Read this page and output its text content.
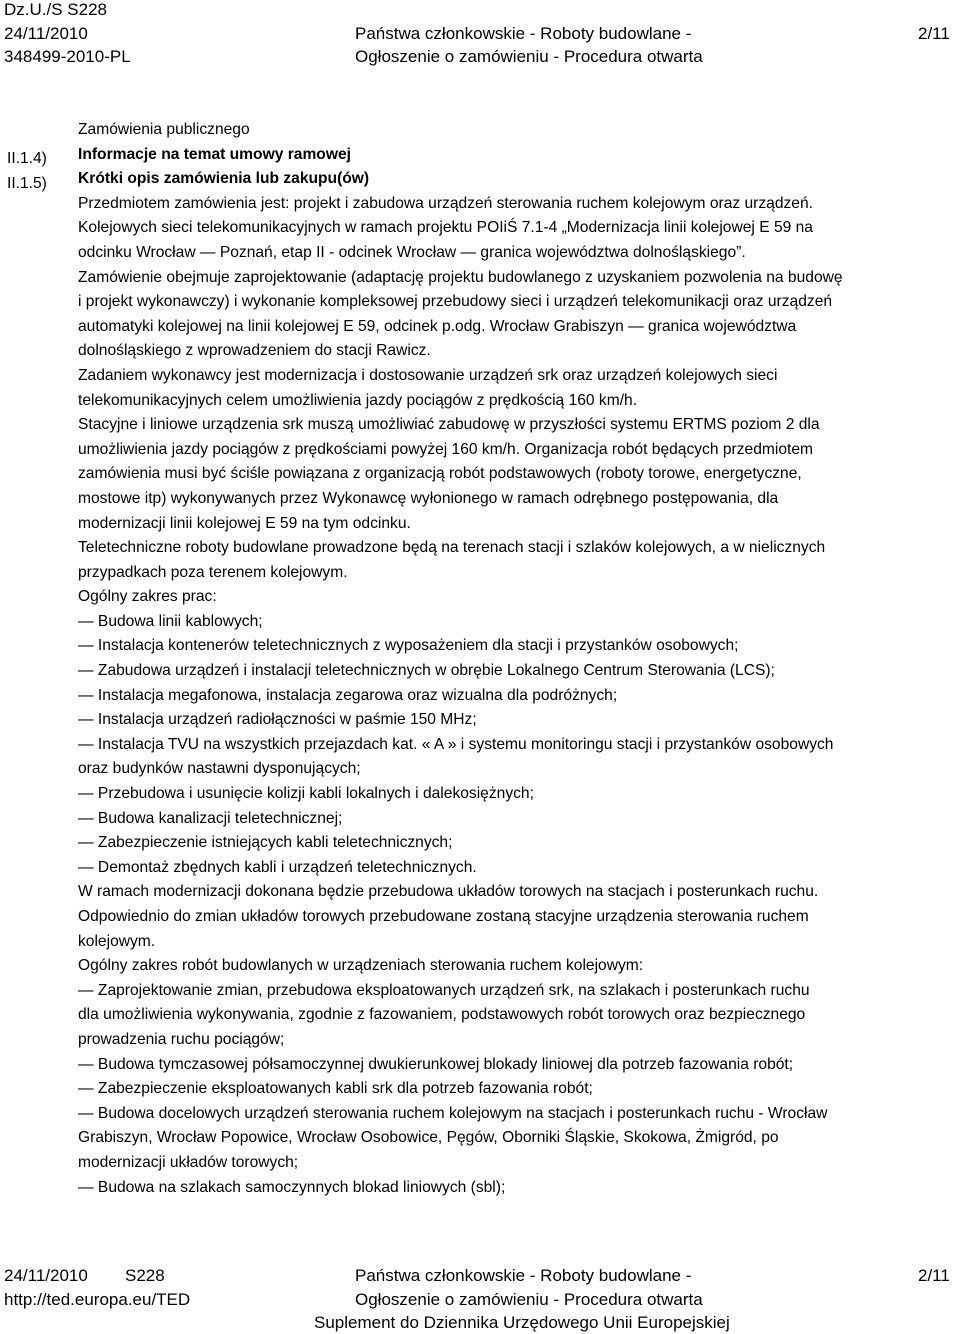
Dz.U./S S228
24/11/2010
348499-2010-PL
Państwa członkowskie - Roboty budowlane -
Ogłoszenie o zamówieniu - Procedura otwarta
2/11
II.1.4)
II.1.5)
Zamówienia publicznego
Informacje na temat umowy ramowej
Krótki opis zamówienia lub zakupu(ów)
Przedmiotem zamówienia jest: projekt i zabudowa urządzeń sterowania ruchem kolejowym oraz urządzeń.
Kolejowych sieci telekomunikacyjnych w ramach projektu POIiŚ 7.1-4 „Modernizacja linii kolejowej E 59 na
odcinku Wrocław — Poznań, etap II - odcinek Wrocław — granica województwa dolnośląskiego”.
Zamówienie obejmuje zaprojektowanie (adaptację projektu budowlanego z uzyskaniem pozwolenia na budowę
i projekt wykonawczy) i wykonanie kompleksowej przebudowy sieci i urządzeń telekomunikacji oraz urządzeń
automatyki kolejowej na linii kolejowej E 59, odcinek p.odg. Wrocław Grabiszyn — granica województwa
dolnośląskiego z wprowadzeniem do stacji Rawicz.
Zadaniem wykonawcy jest modernizacja i dostosowanie urządzeń srk oraz urządzeń kolejowych sieci
telekomunikacyjnych celem umożliwienia jazdy pociągów z prędkością 160 km/h.
Stacyjne i liniowe urządzenia srk muszą umożliwiać zabudowę w przyszłości systemu ERTMS poziom 2 dla
umożliwienia jazdy pociągów z prędkościami powyżej 160 km/h. Organizacja robót będących przedmiotem
zamówienia musi być ściśle powiązana z organizacją robót podstawowych (roboty torowe, energetyczne,
mostowe itp) wykonywanych przez Wykonawcę wyłonionego w ramach odrębnego postępowania, dla
modernizacji linii kolejowej E 59 na tym odcinku.
Teletechniczne roboty budowlane prowadzone będą na terenach stacji i szlaków kolejowych, a w nielicznych
przypadkach poza terenem kolejowym.
Ogólny zakres prac:
— Budowa linii kablowych;
— Instalacja kontenerów teletechnicznych z wyposażeniem dla stacji i przystanków osobowych;
— Zabudowa urządzeń i instalacji teletechnicznych w obrębie Lokalnego Centrum Sterowania (LCS);
— Instalacja megafonowa, instalacja zegarowa oraz wizualna dla podróżnych;
— Instalacja urządzeń radiołączności w paśmie 150 MHz;
— Instalacja TVU na wszystkich przejazdach kat. « A » i systemu monitoringu stacji i przystanków osobowych
oraz budynków nastawni dysponujących;
— Przebudowa i usunięcie kolizji kabli lokalnych i dalekosiężnych;
— Budowa kanalizacji teletechnicznej;
— Zabezpieczenie istniejących kabli teletechnicznych;
— Demontaż zbędnych kabli i urządzeń teletechnicznych.
W ramach modernizacji dokonana będzie przebudowa układów torowych na stacjach i posterunkach ruchu.
Odpowiednio do zmian układów torowych przebudowane zostaną stacyjne urządzenia sterowania ruchem
kolejowym.
Ogólny zakres robót budowlanych w urządzeniach sterowania ruchem kolejowym:
— Zaprojektowanie zmian, przebudowa eksploatowanych urządzeń srk, na szlakach i posterunkach ruchu
dla umożliwienia wykonywania, zgodnie z fazowaniem, podstawowych robót torowych oraz bezpiecznego
prowadzenia ruchu pociągów;
— Budowa tymczasowej półsamoczynnej dwukierunkowej blokady liniowej dla potrzeb fazowania robót;
— Zabezpieczenie eksploatowanych kabli srk dla potrzeb fazowania robót;
— Budowa docelowych urządzeń sterowania ruchem kolejowym na stacjach i posterunkach ruchu - Wrocław
Grabiszyn, Wrocław Popowice, Wrocław Osobowice, Pęgów, Oborniki Śląskie, Skokowa, Żmigród, po
modernizacji układów torowych;
— Budowa na szlakach samoczynnych blokad liniowych (sbl);
24/11/2010 S228
http://ted.europa.eu/TED
Państwa członkowskie - Roboty budowlane -
Ogłoszenie o zamówieniu - Procedura otwarta
Suplement do Dziennika Urzędowego Unii Europejskiej
2/11
